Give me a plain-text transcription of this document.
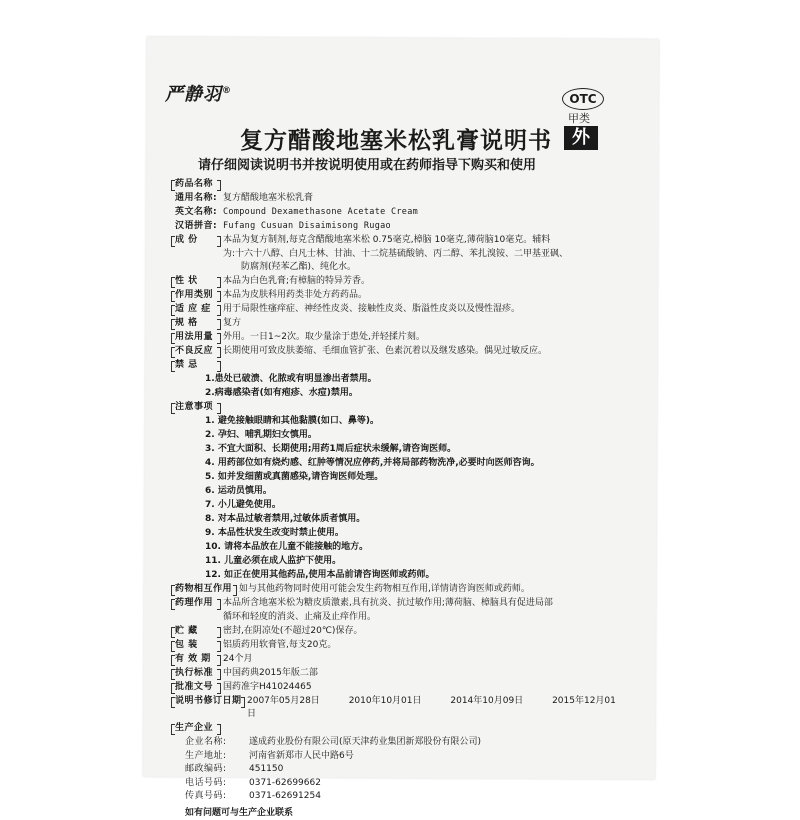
严静羽®
OTC
甲类
外
复方醋酸地塞米松乳膏说明书
请仔细阅读说明书并按说明使用或在药师指导下购买和使用
药品名称
通用名称: 复方醋酸地塞米松乳膏
英文名称: Compound Dexamethasone Acetate Cream
汉语拼音: Fufang Cusuan Disaimisong Rugao
成 份	本品为复方制剂,每克含醋酸地塞米松 0.75毫克,樟脑 10毫克,薄荷脑10毫克。辅料
为:十六十八醇、白凡士林、甘油、十二烷基硫酸钠、丙二醇、苯扎溴铵、二甲基亚砜、
防腐剂(羟苯乙酯)、纯化水。
性 状	本品为白色乳膏;有樟脑的特异芳香。
作用类别	本品为皮肤科用药类非处方药药品。
适 应 症	用于局限性瘙痒症、神经性皮炎、接触性皮炎、脂溢性皮炎以及慢性湿疹。
规 格	复方
用法用量	外用。一日1~2次。取少量涂于患处,并轻揉片刻。
不良反应	长期使用可致皮肤萎缩、毛细血管扩张、色素沉着以及继发感染。偶见过敏反应。
禁 忌
1.患处已破溃、化脓或有明显渗出者禁用。
2.病毒感染者(如有疱疹、水痘)禁用。
注意事项
1. 避免接触眼睛和其他黏膜(如口、鼻等)。
2. 孕妇、哺乳期妇女慎用。
3. 不宜大面积、长期使用;用药1周后症状未缓解,请咨询医师。
4. 用药部位如有烧灼感、红肿等情况应停药,并将局部药物洗净,必要时向医师咨询。
5. 如并发细菌或真菌感染,请咨询医师处理。
6. 运动员慎用。
7. 小儿避免使用。
8. 对本品过敏者禁用,过敏体质者慎用。
9. 本品性状发生改变时禁止使用。
10. 请将本品放在儿童不能接触的地方。
11. 儿童必须在成人监护下使用。
12. 如正在使用其他药品,使用本品前请咨询医师或药师。
药物相互作用 如与其他药物同时使用可能会发生药物相互作用,详情请咨询医师或药师。
药理作用	本品所含地塞米松为糖皮质激素,具有抗炎、抗过敏作用;薄荷脑、樟脑具有促进局部
循环和轻度的消炎、止痛及止痒作用。
贮 藏	密封,在阴凉处(不超过20℃)保存。
包 装	铝质药用软膏管,每支20克。
有 效 期	24个月
执行标准	中国药典2015年版二部
批准文号	国药准字H41024465
说明书修订日期 2007年05月28日	2010年10月01日	2014年10月09日	2015年12月01日
生产企业
企业名称:	遂成药业股份有限公司(原天津药业集团新郑股份有限公司)
生产地址:	河南省新郑市人民中路6号
邮政编码:	451150
电话号码:	0371-62699662
传真号码:	0371-62691254
如有问题可与生产企业联系
